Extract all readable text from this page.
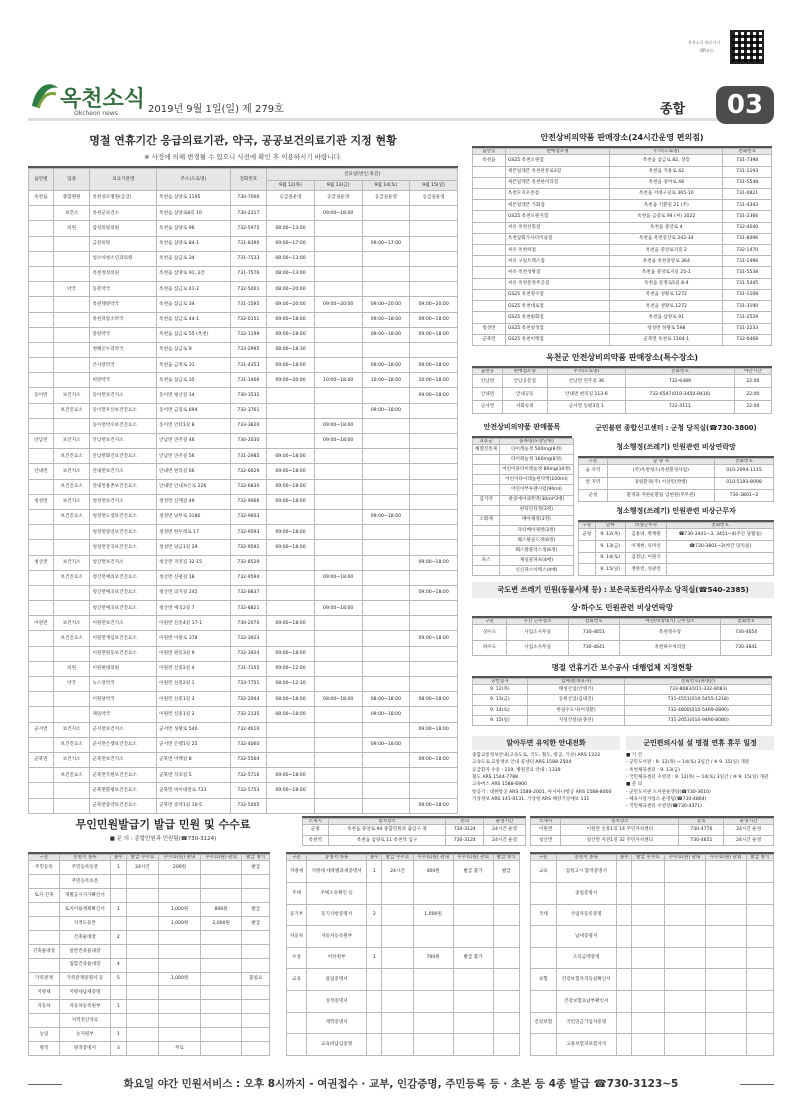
옥천소식
Okcheon news	2019년 9월 1일(일) 제 279호
옥천소식 바로가기
QR코드
종합	03
명절 연휴기간 응급의료기관, 약국, 공공보건의료기관 지정 현황
※ 사정에 의해 변경될 수 있으니 사전에 확인 후 이용하시기 바랍니다.
읍면별	업종	의료기관명	주소(도로명)	전화번호	진료일(반인:휴진)			
					9월 12(목)	9월 13(금)	9월 14(토)	9월 15(일)
옥천읍	종합병원	옥천성모병원(응급)	옥천읍 삼양로 1195	730-7000	응급실운영	응급실운영	응급실운영	응급실운영
	보건소	옥천군보건소	옥천읍 삼양로8길 10	730-2117		09:00~18:00		
	의원	삼성의원의원	옥천읍 삼양로 96	732-5975	08:00~13:00			
		금강의원	옥천읍 삼양로 84-1	731-8390	09:00~17:00		09:00~17:00	
		청소아청소년과의원	옥천읍 삼금로 34	731-7533	08:00~13:00			
		옥천정성의원	옥천읍 삼양로 91, 2층	731-7576	08:00~13:00			
	약국	동춘약국	옥천읍 삼금로 41-2	732-5001	08:00~20:00			
		옥천태양약국	옥천읍 삼금로 34	731-1595	09:00~20:00	09:00~20:00	09:00~20:00	09:00~20:00
		옥천파랑소약국	옥천읍 삼금로 44-1	732-0151	09:00~18:00		09:00~18:00	09:00~18:00
		중앙약국	옥천읍 삼금로 55 (옥천)	732-1199	09:00~18:00		09:00~18:00	09:00~18:00
		천해온누리약국	옥천읍 삼금로 9	733-2995	08:00~18:30			
		큰사랑약국	옥천읍 금정로 31	731-4353	09:00~18:00		09:00~18:00	09:00~18:00
		희망약국	옥천읍 삼금로 35	731-1466	09:00~20:00	10:00~18:00	10:00~18:00	10:00~18:00
동이면	보건지소	동이면보건지소	동이면 평산길 14	730-3532				09:00~18:00
	보건진료소	동이면우산보건진료소	동이면 금강로 694	732-3761			09:00~18:00	
		동이면약수보건진료소	동이면 안터1길 8	733-3820		09:00~18:00		
안남면	보건지소	안남면보건지소	안남면 연주길 46	730-2030		09:00~18:00		
	보건진료소	안남면화인보건진료소	안남면 연주길 56	731-2985	09:00~18:00			
안내면	보건지소	안내면보건지소	안내면 현리길 66	732-6629	09:00~18:00			
	보건진료소	안내면용촌보건진료소	안내면 안내보은로 226	732-6830	09:00~18:00			
청성면	보건지소	청성면보건지소	청성면 산계길 49	732-9066	09:00~18:00			
	보건진료소	청성면도장보건진료소	청성면 낭무로 3180	732-9603			09:00~18:00	
		청성면장연보건진료소	청성면 한두래로 17	732-9593	09:00~18:00			
		청성면궁곡보건진료소	청성면 당금1길 29	732-9592	09:00~18:00			
청산면	보건지소	청산면보건지소	청산면 지전길 32-15	732-8529				09:00~18:00
	보건진료소	청산면예의보건진료소	청산면 신평길 18	732-9594		09:00~18:00		
		청산면예곡보건진료소	청산면 의지길 245	732-8837				09:00~18:00
		청산면에곡보건진료소	청산면 예곡2길 7	732-8821		09:00~18:00		
이원면	보건지소	이원면보건지소	이원면 신흥4길 17-1	730-2070	09:00~18:00			
	보건진료소	이원면개심보건진료소	이원면 이원로 378	732-3923				09:00~18:00
		이원면원동보건진료소	이원면 원동3길 9	732-3924	09:00~18:00			
	의원	이원현대의원	이원면 신흥2길 4	731-7155	09:00~12:00			
	약국	뉴스랑약국	이원면 신흥2길 1	733-7751	08:00~12:30			
		이원당약국	이원면 신흥1길 3	732-2044	08:00~18:00	08:00~18:00	08:00~18:00	08:00~18:00
		제일약국	이원면 신흥1길 2	732-2135	08:00~18:00		09:00~18:00	
군서면	보건지소	군서면보건지소	군서면 성왕로 540	732-4610				09:00~18:00
	보건진료소	군서면은행보건진료소	군서면 은행1길 25	732-4060			09:00~18:00	
군북면	보건지소	군북면보건지소	군북면 이백길 8	732-5564				09:00~18:00
	보건진료소	군북면국원보건진료소	군북면 석호길 5	732-5716	09:00~18:00			
		군북면환평보건진료소	군북면 바이대전로 733	732-5753	09:00~18:00			
		군북면증약보건진료소	군북면 증약1길 10-5	732-5005				09:00~18:00
안전상비의약품 판매장소(24시간운영 편의점)
읍면동	판매점포명	주소(도로명)	전화번호
옥천읍	GS25 옥천오원점	옥천읍 삼금로 82, 상층	731-7398
	세븐일레븐 옥천관문로3점	옥천읍 지용로 42	731-1193
	세븐일레븐 옥천한미리점	옥천읍 장야로 48	731-5548
	옥천모지포천점	옥천읍 서대구길로 365-10	731-0821
	세븐일레븐 가화점	옥천읍 지환길 21 (주)	731-4343
	GS25 옥천도원지점	옥천읍 금강로 94 (씨) 1022	731-2366
	씨유 옥천선풍점	옥천읍 중앙로 4	732-4040
	옥천삼화가사터미널점	옥천읍 옥천증산로 242-34	731-8096
	씨유 옥천하점	옥천읍 중앙로지길 2	732-1470
	씨유 구일트렉스점	옥천읍 옥천중앙로 364	731-1496
	씨유 옥천성왕점	옥천읍 중앙로지길 25-1	731-5538
	씨유 옥천문정주공점	옥천읍 문정로5길 8-4	731-5445
	GS25 옥천명수점	옥천읍 성왕로 1272	731-1108
	GS25 옥천대로점	옥천읍 성왕로 1272	731-3190
	GS25 옥천평화점	옥천읍 삼양로 91	731-2529
청성면	GS25 옥천청성점	청성면 성왕로 598	731-2233
군북면	GS25 옥천이백점	군북면 옥천로 1104-1	732-0468
옥천군 안전상비의약품 판매장소(특수장소)
읍면동	판매점포명	주소(도로명)	전화번호	야간시간
안남면	안남공문점	안남면 연주길 36	732-6489	22:00
안내면	안내공동	안내면 현리길 112-6	732-6547(010-3450-8416)	22:00
군서면	서화슈퍼	군서면 동평3길 1	732-4111	22:00
안전상비의약품 판매품목
효능군	품목명(포장단위)
해열진통제	타이레놀정 500mg(8정)
	타이레놀정 160mg(8정)
	어린이용타이레놀정 80mg(10정)
	어린이타이레놀현탁액(100ml)
	어린이부루펜시럽(90ml)
감기약	판콜에이내복액(30ml*3병)
	판피린티정(3정)
소화제	베아제정(3정)
	닥터베아제정(3정)
	훼스탈골드정(6정)
	훼스탈플러스정(6정)
파스	제일쿨파프(4매)
	신신파스아렉스(4매)
군민불편 종합신고센터 : 군청 당직실(☎730-3800)
청소행정(쓰레기) 민원관련 비상연락망
구분	담 당 자	전화번호
읍 지역	(주)옥천청소(옥천환경사업)	010-2094-1115
면 지역	경원환경(주) 이상민(박병)	010-5193-8098
군청	환경과 자원순환팀 임현원(주무관)	730-3801~2
청소행정(쓰레기) 민원관련 비상근무자
구분	날짜	비상근무자	전화번호
군청	9. 12(목)	김홍대, 박재원	☎730-3441~3, 3451~4(주간 당활실)
	9. 13(금)	이재현, 유미선	☎730-3801~2(야간 당직실)
	9. 14(토)	김정남, 이원식	
	9. 15(일)	정한빈, 성관련	
국도변 쓰레기 민원(동물사체 등) : 보은국토관리사무소 당직실(☎540-2385)
상·하수도 민원관련 비상연락망
구분	주간 근무장소	전화번호	야간(비상대기) 근무장소	전화번호
상수도	사업소사무실	730-4651	옥천정수장	730-4654
하수도	사업소사무실	730-4641	옥천하수처리장	730-3841
명절 연휴기간 보수공사 대행업체 지정현황
당번일자	업체명(대표자)	전화번호(휴대폰)
9. 12(목)	태성산업(안병기)	733-8083(011-332-8083)
9. 13(금)	동원산업(김대진)	731-4551(010-5455-1218)
9. 14(토)	한일수도사(이경환)	732-4800(010-5469-0890)
9. 15(일)	지성건설(윤종선)	731-2053(010-9490-8080)
알아두면 유익한 안내전화
종합교통정보안내(고속도로, 국도, 철도, 항공, 기상) ARS 1333
고속도로 교통정보 안내 콜센터 ARS 1588-2504
응급환자 수송 : 119, 병원진료 안내 : 1339
철도 ARS 1544-7788
고속버스 ARS 1588-6900
항공기 : 대한항공 ARS 1588-2001, 아시아나항공 ARS 1588-8000
기상정보 ARS 141-0131, 기상청 ARS 해양기상예보 131
군민편의시설 설 명절 연휴 휴무 일정
■ 기 간
- 군민도서관 : 9. 12(목) ~ 14(토) 3일간 / ※ 9. 15(일) 개관
- 옥천체육센터 : 9. 13(금)
- 국민체육센터 수영장 : 9. 12(목) ~ 14(토) 3일간 / ※ 9. 15(일) 개관
■ 문 의
- 군민도서관 도서관운영팀(☎730-3610)
- 체육시설사업소 운영팀(☎730-4864)
- 국민체육센터 수영장(☎730-4371)
무인민원발급기 발급 민원 및 수수료
■ 문 의 : 종합민원과 민원팀(☎730-3124)
소재지	설치장소	문의	운영시간
군청	옥천읍 중앙로 94 종합민원과 출입구 옆	730-3124	24시간 운영
옥천역	옥천읍 삼양로 11 옥천역 입구	730-3124	24시간 운영
소재지	설치장소	문의	운영시간
이원면	이원면 신흥1길 14 주민자치센터	730-4776	24시간 운영
청산면	청산면 지전1길 32 주민자치센터	730-4651	24시간 운영
구분	증명서 종류	종수	발급 수수료	수수료(원) 관내	수수료(원) 관외	발급 방식
주민등록	주민등록등본	1	24시간	200원		발급
	주민등록초본					
토지·건축	개별공시지가확인서					
	토지이용계획확인서	1		1,000원	800원	발급
	지적도등본			1,000원	2,000원	발급
	건축물대장	2				
건축물대장	일반건축물대장					
	집합건축물대장	4				
가족관계	가족관계증명서 등	5		1,000원		불필요
지방세	지방세납세증명					
자동차	자동차등록원부	1				
	지적전산자료					
농업	농지원부	1				
병적	병적증명서	3		무료		
구분	증명서 종류	종수	발급 수수료	수수료(원) 관내	수수료(원) 관외	발급 방식
지방세	지방세 세목별과세증명서	1	24시간	400원	발급 불가	발급
주택	주택소유확인 등					
등기부	등기사항증명서	2		1,000원		
자동차	자동차등록원부					
수상	어선원부	1		700원	발급 불가	
교육	졸업증명서					
	성적증명서					
	재학증명서					
	교육비납입증명					
구분	증명서 종류	종수	발급 수수료	수수료(원) 관내	수수료(원) 관외	발급 방식
교육	검정고시 합격증명서					
	졸업증명서					
국세	사업자등록증명					
	납세증명서					
	소득금액증명					
보험	건강보험자격득실확인서					
	건강보험료납부확인서					
건강보험	국민연금가입자증명					
	고용보험피보험자격					
화요일 야간 민원서비스 : 오후 8시까지 - 여권접수 · 교부, 인감증명, 주민등록 등 · 초본 등 4종 발급 ☎730-3123~5
